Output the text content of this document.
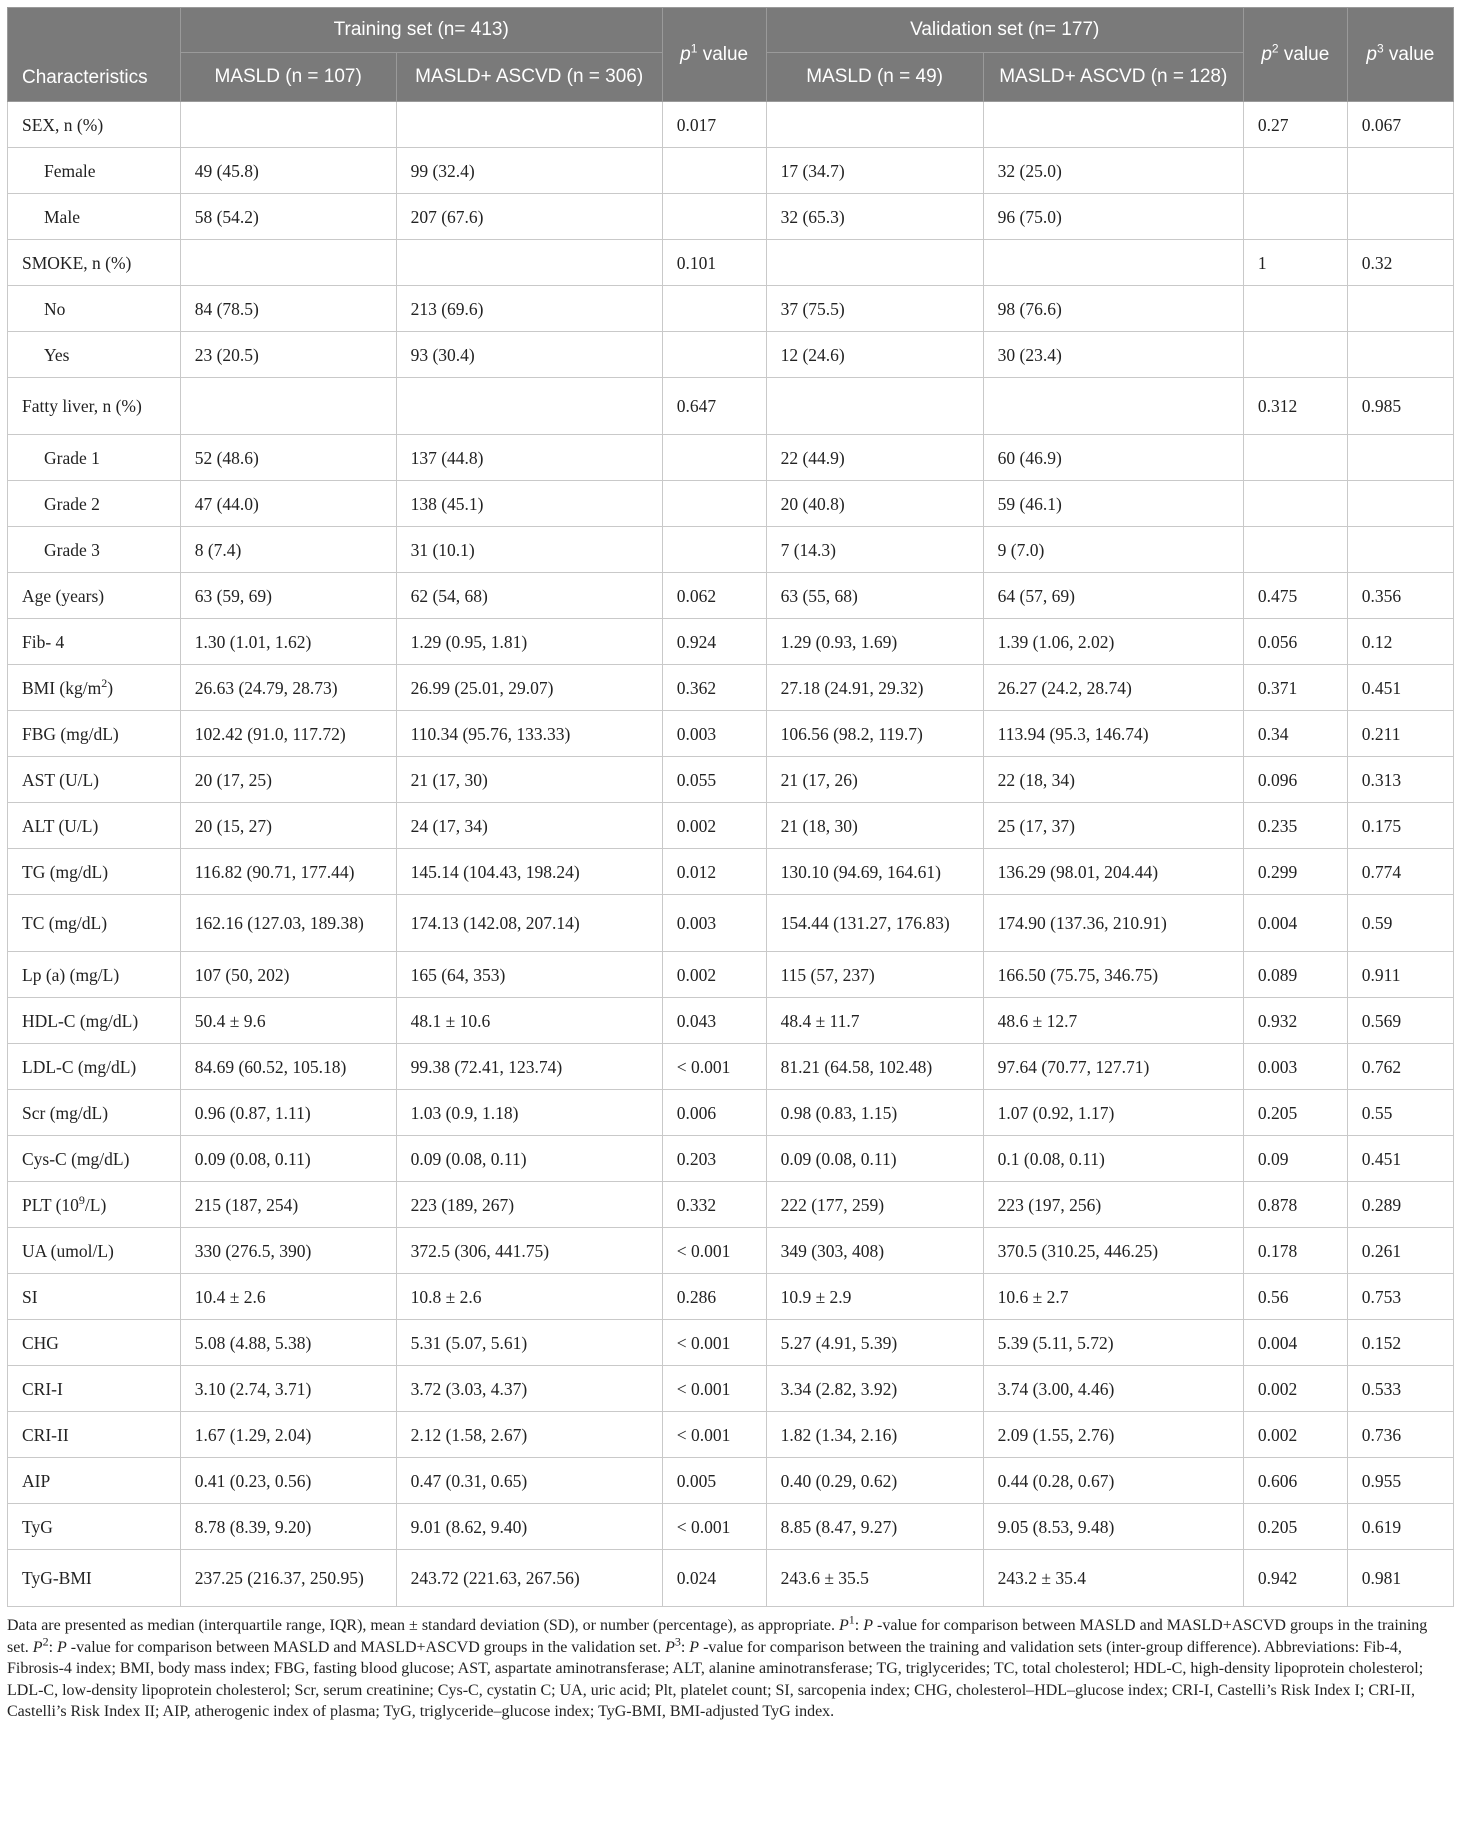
Characteristics	Training set (n= 413)		$p^1$ value	Validation set (n= 177)		$p^2$ value	$p^3$ value
	MASLD (n = 107)	MASLD+ ASCVD (n = 306)		MASLD (n = 49)	MASLD+ ASCVD (n = 128)		
SEX, n (%)			0.017			0.27	0.067
Female	49 (45.8)	99 (32.4)		17 (34.7)	32 (25.0)		
Male	58 (54.2)	207 (67.6)		32 (65.3)	96 (75.0)		
SMOKE, n (%)			0.101			1	0.32
No	84 (78.5)	213 (69.6)		37 (75.5)	98 (76.6)		
Yes	23 (20.5)	93 (30.4)		12 (24.6)	30 (23.4)		
Fatty liver, n (%)			0.647			0.312	0.985
Grade 1	52 (48.6)	137 (44.8)		22 (44.9)	60 (46.9)		
Grade 2	47 (44.0)	138 (45.1)		20 (40.8)	59 (46.1)		
Grade 3	8 (7.4)	31 (10.1)		7 (14.3)	9 (7.0)		
Age (years)	63 (59, 69)	62 (54, 68)	0.062	63 (55, 68)	64 (57, 69)	0.475	0.356
Fib- 4	1.30 (1.01, 1.62)	1.29 (0.95, 1.81)	0.924	1.29 (0.93, 1.69)	1.39 (1.06, 2.02)	0.056	0.12
BMI $(kg/m^2)$	26.63 (24.79, 28.73)	26.99 (25.01, 29.07)	0.362	27.18 (24.91, 29.32)	26.27 (24.2, 28.74)	0.371	0.451
FBG (mg/dL)	102.42 (91.0, 117.72)	110.34 (95.76, 133.33)	0.003	106.56 (98.2, 119.7)	113.94 (95.3, 146.74)	0.34	0.211
AST (U/L)	20 (17, 25)	21 (17, 30)	0.055	21 (17, 26)	22 (18, 34)	0.096	0.313
ALT (U/L)	20 (15, 27)	24 (17, 34)	0.002	21 (18, 30)	25 (17, 37)	0.235	0.175
TG (mg/dL)	116.82 (90.71, 177.44)	145.14 (104.43, 198.24)	0.012	130.10 (94.69, 164.61)	136.29 (98.01, 204.44)	0.299	0.774
TC (mg/dL)	162.16 (127.03, 189.38)	174.13 (142.08, 207.14)	0.003	154.44 (131.27, 176.83)	174.90 (137.36, 210.91)	0.004	0.59
Lp (a) (mg/L)	107 (50, 202)	165 (64, 353)	0.002	115 (57, 237)	166.50 (75.75, 346.75)	0.089	0.911
HDL-C (mg/dL)	50.4 ± 9.6	48.1 ± 10.6	0.043	48.4 ± 11.7	48.6 ± 12.7	0.932	0.569
LDL-C (mg/dL)	84.69 (60.52, 105.18)	99.38 (72.41, 123.74)	< 0.001	81.21 (64.58, 102.48)	97.64 (70.77, 127.71)	0.003	0.762
Scr (mg/dL)	0.96 (0.87, 1.11)	1.03 (0.9, 1.18)	0.006	0.98 (0.83, 1.15)	1.07 (0.92, 1.17)	0.205	0.55
Cys-C (mg/dL)	0.09 (0.08, 0.11)	0.09 (0.08, 0.11)	0.203	0.09 (0.08, 0.11)	0.1 (0.08, 0.11)	0.09	0.451
PLT $(10^9/L)$	215 (187, 254)	223 (189, 267)	0.332	222 (177, 259)	223 (197, 256)	0.878	0.289
UA (umol/L)	330 (276.5, 390)	372.5 (306, 441.75)	< 0.001	349 (303, 408)	370.5 (310.25, 446.25)	0.178	0.261
SI	10.4 ± 2.6	10.8 ± 2.6	0.286	10.9 ± 2.9	10.6 ± 2.7	0.56	0.753
CHG	5.08 (4.88, 5.38)	5.31 (5.07, 5.61)	< 0.001	5.27 (4.91, 5.39)	5.39 (5.11, 5.72)	0.004	0.152
CRI-I	3.10 (2.74, 3.71)	3.72 (3.03, 4.37)	< 0.001	3.34 (2.82, 3.92)	3.74 (3.00, 4.46)	0.002	0.533
CRI-II	1.67 (1.29, 2.04)	2.12 (1.58, 2.67)	< 0.001	1.82 (1.34, 2.16)	2.09 (1.55, 2.76)	0.002	0.736
AIP	0.41 (0.23, 0.56)	0.47 (0.31, 0.65)	0.005	0.40 (0.29, 0.62)	0.44 (0.28, 0.67)	0.606	0.955
TyG	8.78 (8.39, 9.20)	9.01 (8.62, 9.40)	< 0.001	8.85 (8.47, 9.27)	9.05 (8.53, 9.48)	0.205	0.619
TyG-BMI	237.25 (216.37, 250.95)	243.72 (221.63, 267.56)	0.024	243.6 ± 35.5	243.2 ± 35.4	0.942	0.981
Data are presented as median (interquartile range, IQR), mean ± standard deviation (SD), or number (percentage), as appropriate. $P^1$: P -value for comparison between MASLD and MASLD+ASCVD groups in the training set. $P^2$: P -value for comparison between MASLD and MASLD+ASCVD groups in the validation set. $P^3$: P -value for comparison between the training and validation sets (inter-group difference). Abbreviations: Fib-4, Fibrosis-4 index; BMI, body mass index; FBG, fasting blood glucose; AST, aspartate aminotransferase; ALT, alanine aminotransferase; TG, triglycerides; TC, total cholesterol; HDL-C, high-density lipoprotein cholesterol; LDL-C, low-density lipoprotein cholesterol; Scr, serum creatinine; Cys-C, cystatin C; UA, uric acid; Plt, platelet count; SI, sarcopenia index; CHG, cholesterol–HDL–glucose index; CRI-I, Castelli’s Risk Index I; CRI-II, Castelli’s Risk Index II; AIP, atherogenic index of plasma; TyG, triglyceride–glucose index; TyG-BMI, BMI-adjusted TyG index.
